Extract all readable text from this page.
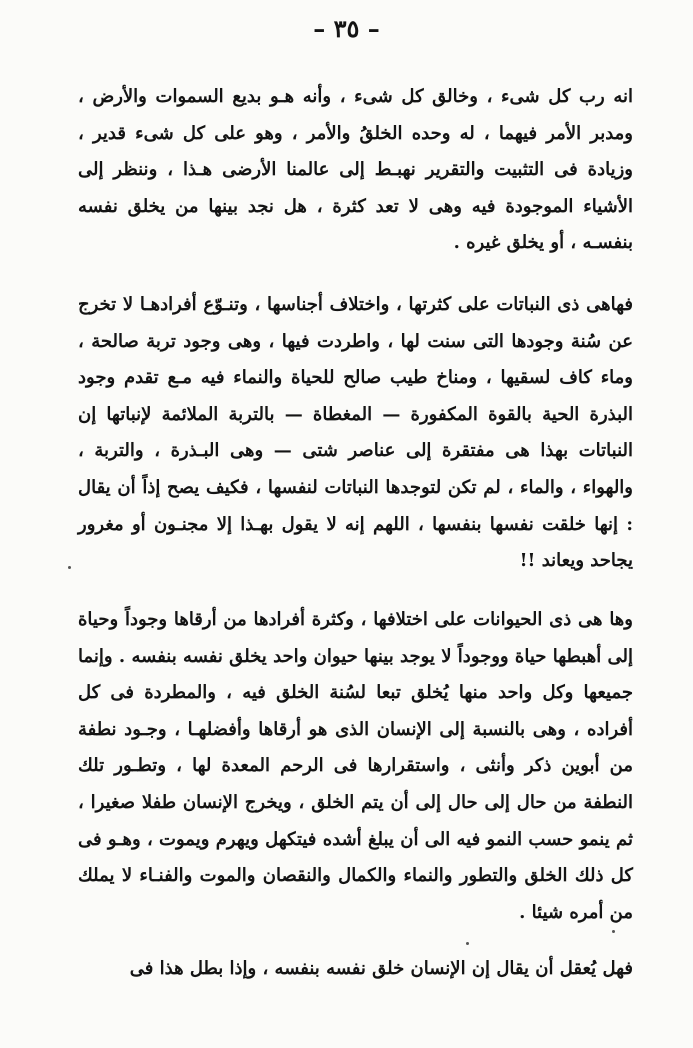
– ٣٥ –

انه رب كل شىء ، وخالق كل شىء ، وأنه هـو بديع السموات والأرض ، ومدبر الأمر فيهما ، له وحده الخلقُ والأمر ، وهو على كل شىء قدير ، وزيادة فى التثبيت والتقرير نهبـط إلى عالمنا الأرضى هـذا ، وننظر إلى الأشياء الموجودة فيه وهى لا تعد كثرة ، هل نجد بينها من يخلق نفسه بنفسـه ، أو يخلق غيره .

فهاهى ذى النباتات على كثرتها ، واختلاف أجناسها ، وتنـوّع أفرادهـا لا تخرج عن سُنة وجودها التى سنت لها ، واطردت فيها ، وهى وجود تربة صالحة ، وماء كاف لسقيها ، ومناخ طيب صالح للحياة والنماء فيه مـع تقدم وجود البذرة الحية بالقوة المكفورة — المغطاة — بالتربة الملائمة لإنباتها إن النباتات بهذا هى مفتقرة إلى عناصر شتى — وهى البـذرة ، والتربة ، والهواء ، والماء ، لم تكن لتوجدها النباتات لنفسها ، فكيف يصح إذاً أن يقال : إنها خلقت نفسها بنفسها ، اللهم إنه لا يقول بهـذا إلا مجنـون أو مغرور يجاحد ويعاند !!

وها هى ذى الحيوانات على اختلافها ، وكثرة أفرادها من أرقاها وجوداً وحياة إلى أهبطها حياة ووجوداً لا يوجد بينها حيوان واحد يخلق نفسه بنفسه . وإنما جميعها وكل واحد منها يُخلق تبعا لسُنة الخلق فيه ، والمطردة فى كل أفراده ، وهى بالنسبة إلى الإنسان الذى هو أرقاها وأفضلهـا ، وجـود نطفة من أبوين ذكر وأنثى ، واستقرارها فى الرحم المعدة لها ، وتطـور تلك النطفة من حال إلى حال إلى أن يتم الخلق ، ويخرج الإنسان طفلا صغيرا ، ثم ينمو حسب النمو فيه الى أن يبلغ أشده فيتكهل ويهرم ويموت ، وهـو فى كل ذلك الخلق والتطور والنماء والكمال والنقصان والموت والفنـاء لا يملك من أمره شيئا .

فهل يُعقل أن يقال إن الإنسان خلق نفسه بنفسه ، وإذا بطل هذا فى
